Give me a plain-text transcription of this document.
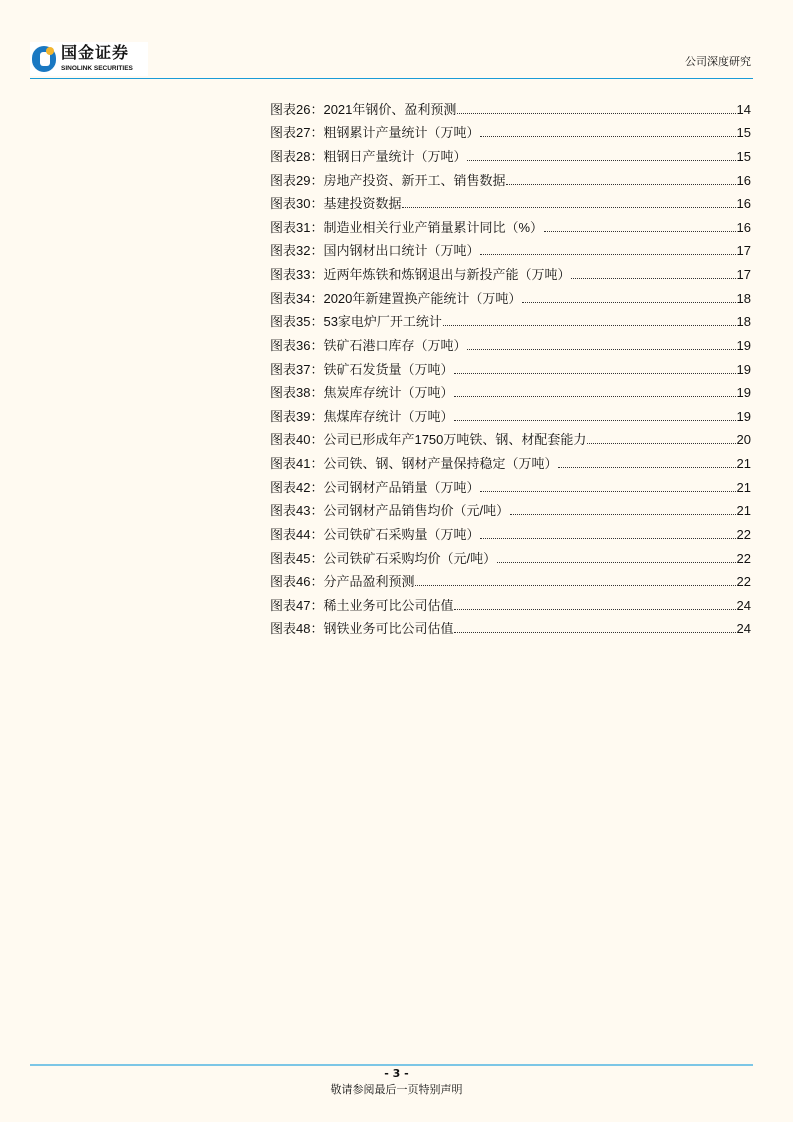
国金证券
SINOLINK SECURITIES
公司深度研究
图表26：2021年钢价、盈利预测	14
图表27：粗钢累计产量统计（万吨）	15
图表28：粗钢日产量统计（万吨）	15
图表29：房地产投资、新开工、销售数据	16
图表30：基建投资数据	16
图表31：制造业相关行业产销量累计同比（%）	16
图表32：国内钢材出口统计（万吨）	17
图表33：近两年炼铁和炼钢退出与新投产能（万吨）	17
图表34：2020年新建置换产能统计（万吨）	18
图表35：53家电炉厂开工统计	18
图表36：铁矿石港口库存（万吨）	19
图表37：铁矿石发货量（万吨）	19
图表38：焦炭库存统计（万吨）	19
图表39：焦煤库存统计（万吨）	19
图表40：公司已形成年产1750万吨铁、钢、材配套能力	20
图表41：公司铁、钢、钢材产量保持稳定（万吨）	21
图表42：公司钢材产品销量（万吨）	21
图表43：公司钢材产品销售均价（元/吨）	21
图表44：公司铁矿石采购量（万吨）	22
图表45：公司铁矿石采购均价（元/吨）	22
图表46：分产品盈利预测	22
图表47：稀土业务可比公司估值	24
图表48：钢铁业务可比公司估值	24
- 3 -
敬请参阅最后一页特别声明
